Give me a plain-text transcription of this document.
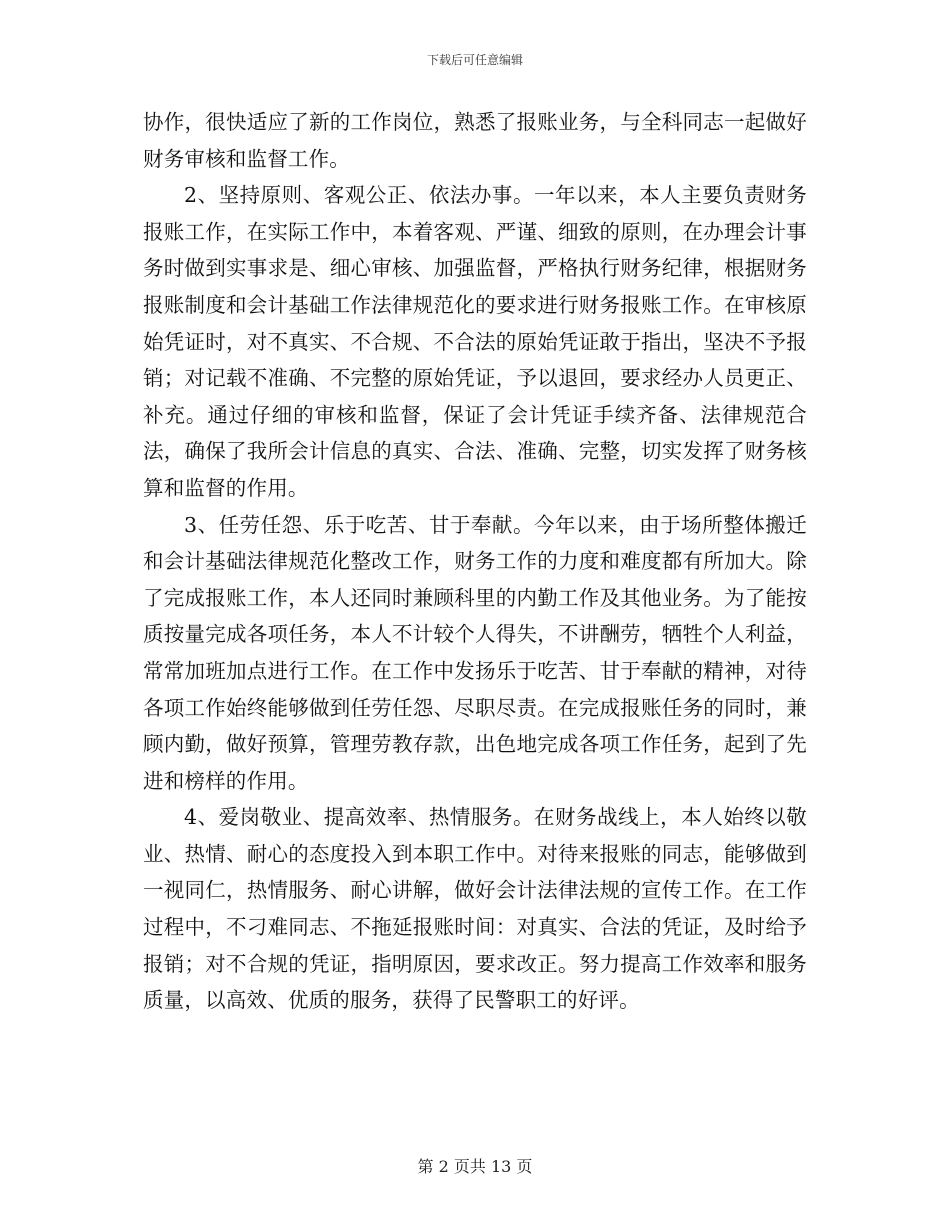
下载后可任意编辑

协作，很快适应了新的工作岗位，熟悉了报账业务，与全科同志一起做好财务审核和监督工作。

2、坚持原则、客观公正、依法办事。一年以来，本人主要负责财务报账工作，在实际工作中，本着客观、严谨、细致的原则，在办理会计事务时做到实事求是、细心审核、加强监督，严格执行财务纪律，根据财务报账制度和会计基础工作法律规范化的要求进行财务报账工作。在审核原始凭证时，对不真实、不合规、不合法的原始凭证敢于指出，坚决不予报销；对记载不准确、不完整的原始凭证，予以退回，要求经办人员更正、补充。通过仔细的审核和监督，保证了会计凭证手续齐备、法律规范合法，确保了我所会计信息的真实、合法、准确、完整，切实发挥了财务核算和监督的作用。

3、任劳任怨、乐于吃苦、甘于奉献。今年以来，由于场所整体搬迁和会计基础法律规范化整改工作，财务工作的力度和难度都有所加大。除了完成报账工作，本人还同时兼顾科里的内勤工作及其他业务。为了能按质按量完成各项任务，本人不计较个人得失，不讲酬劳，牺牲个人利益，常常加班加点进行工作。在工作中发扬乐于吃苦、甘于奉献的精神，对待各项工作始终能够做到任劳任怨、尽职尽责。在完成报账任务的同时，兼顾内勤，做好预算，管理劳教存款，出色地完成各项工作任务，起到了先进和榜样的作用。

4、爱岗敬业、提高效率、热情服务。在财务战线上，本人始终以敬业、热情、耐心的态度投入到本职工作中。对待来报账的同志，能够做到一视同仁，热情服务、耐心讲解，做好会计法律法规的宣传工作。在工作过程中，不刁难同志、不拖延报账时间：对真实、合法的凭证，及时给予报销；对不合规的凭证，指明原因，要求改正。努力提高工作效率和服务质量，以高效、优质的服务，获得了民警职工的好评。

第 2 页共 13 页
